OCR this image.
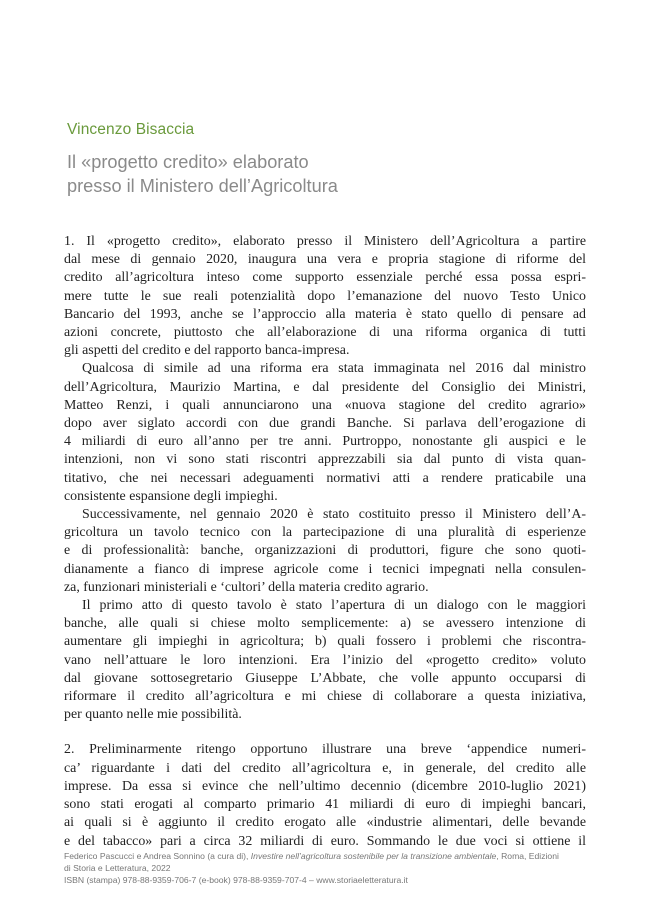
Vincenzo Bisaccia
Il «progetto credito» elaborato
presso il Ministero dell’Agricoltura
1. Il «progetto credito», elaborato presso il Ministero dell’Agricoltura a partire
dal mese di gennaio 2020, inaugura una vera e propria stagione di riforme del
credito all’agricoltura inteso come supporto essenziale perché essa possa espri-
mere tutte le sue reali potenzialità dopo l’emanazione del nuovo Testo Unico
Bancario del 1993, anche se l’approccio alla materia è stato quello di pensare ad
azioni concrete, piuttosto che all’elaborazione di una riforma organica di tutti
gli aspetti del credito e del rapporto banca-impresa.
Qualcosa di simile ad una riforma era stata immaginata nel 2016 dal ministro
dell’Agricoltura, Maurizio Martina, e dal presidente del Consiglio dei Ministri,
Matteo Renzi, i quali annunciarono una «nuova stagione del credito agrario»
dopo aver siglato accordi con due grandi Banche. Si parlava dell’erogazione di
4 miliardi di euro all’anno per tre anni. Purtroppo, nonostante gli auspici e le
intenzioni, non vi sono stati riscontri apprezzabili sia dal punto di vista quan-
titativo, che nei necessari adeguamenti normativi atti a rendere praticabile una
consistente espansione degli impieghi.
Successivamente, nel gennaio 2020 è stato costituito presso il Ministero dell’A-
gricoltura un tavolo tecnico con la partecipazione di una pluralità di esperienze
e di professionalità: banche, organizzazioni di produttori, figure che sono quoti-
dianamente a fianco di imprese agricole come i tecnici impegnati nella consulen-
za, funzionari ministeriali e ‘cultori’ della materia credito agrario.
Il primo atto di questo tavolo è stato l’apertura di un dialogo con le maggiori
banche, alle quali si chiese molto semplicemente: a) se avessero intenzione di
aumentare gli impieghi in agricoltura; b) quali fossero i problemi che riscontra-
vano nell’attuare le loro intenzioni. Era l’inizio del «progetto credito» voluto
dal giovane sottosegretario Giuseppe L’Abbate, che volle appunto occuparsi di
riformare il credito all’agricoltura e mi chiese di collaborare a questa iniziativa,
per quanto nelle mie possibilità.
2. Preliminarmente ritengo opportuno illustrare una breve ‘appendice numeri-
ca’ riguardante i dati del credito all’agricoltura e, in generale, del credito alle
imprese. Da essa si evince che nell’ultimo decennio (dicembre 2010-luglio 2021)
sono stati erogati al comparto primario 41 miliardi di euro di impieghi bancari,
ai quali si è aggiunto il credito erogato alle «industrie alimentari, delle bevande
e del tabacco» pari a circa 32 miliardi di euro. Sommando le due voci si ottiene il
Federico Pascucci e Andrea Sonnino (a cura di), Investire nell’agricoltura sostenibile per la transizione ambientale, Roma, Edizioni
di Storia e Letteratura, 2022
ISBN (stampa) 978-88-9359-706-7 (e-book) 978-88-9359-707-4 – www.storiaeletteratura.it
